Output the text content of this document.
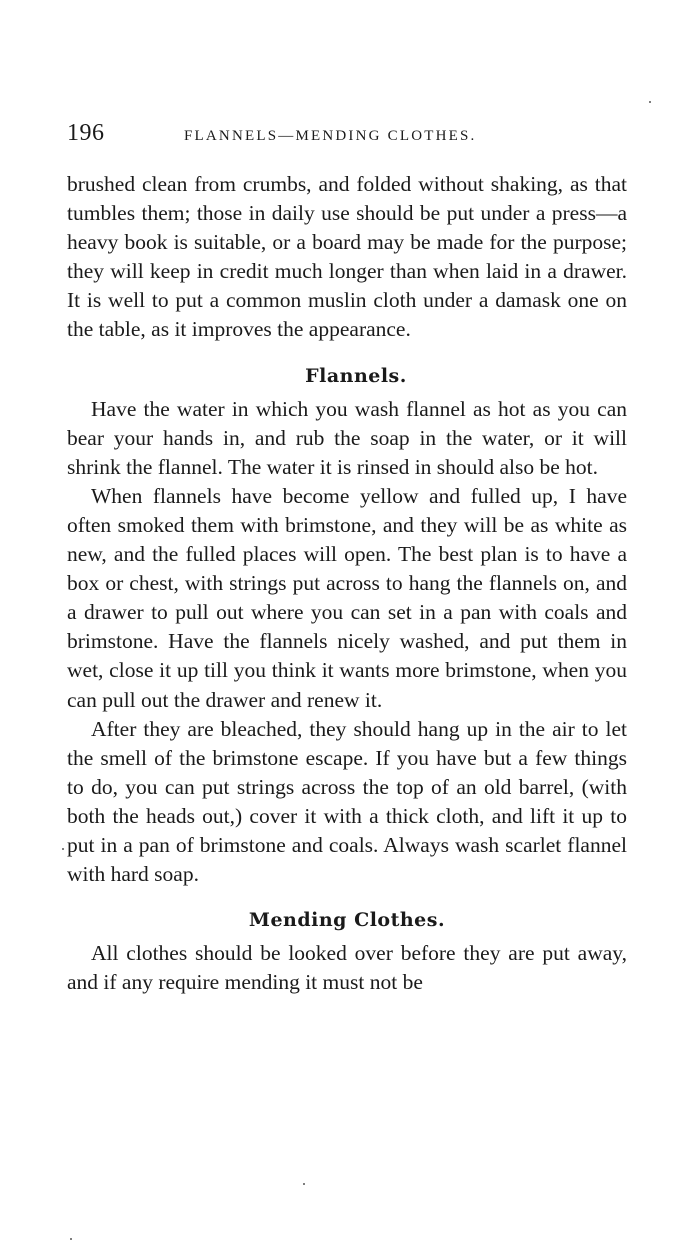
196	FLANNELS—MENDING CLOTHES.

brushed clean from crumbs, and folded without shaking, as that tumbles them; those in daily use should be put under a press—a heavy book is suitable, or a board may be made for the purpose; they will keep in credit much longer than when laid in a drawer. It is well to put a common muslin cloth under a damask one on the table, as it improves the appearance.

Flannels.

Have the water in which you wash flannel as hot as you can bear your hands in, and rub the soap in the water, or it will shrink the flannel. The water it is rinsed in should also be hot.

When flannels have become yellow and fulled up, I have often smoked them with brimstone, and they will be as white as new, and the fulled places will open. The best plan is to have a box or chest, with strings put across to hang the flannels on, and a drawer to pull out where you can set in a pan with coals and brimstone. Have the flannels nicely washed, and put them in wet, close it up till you think it wants more brimstone, when you can pull out the drawer and renew it.

After they are bleached, they should hang up in the air to let the smell of the brimstone escape. If you have but a few things to do, you can put strings across the top of an old barrel, (with both the heads out,) cover it with a thick cloth, and lift it up to put in a pan of brimstone and coals. Always wash scarlet flannel with hard soap.

Mending Clothes.

All clothes should be looked over before they are put away, and if any require mending it must not be
